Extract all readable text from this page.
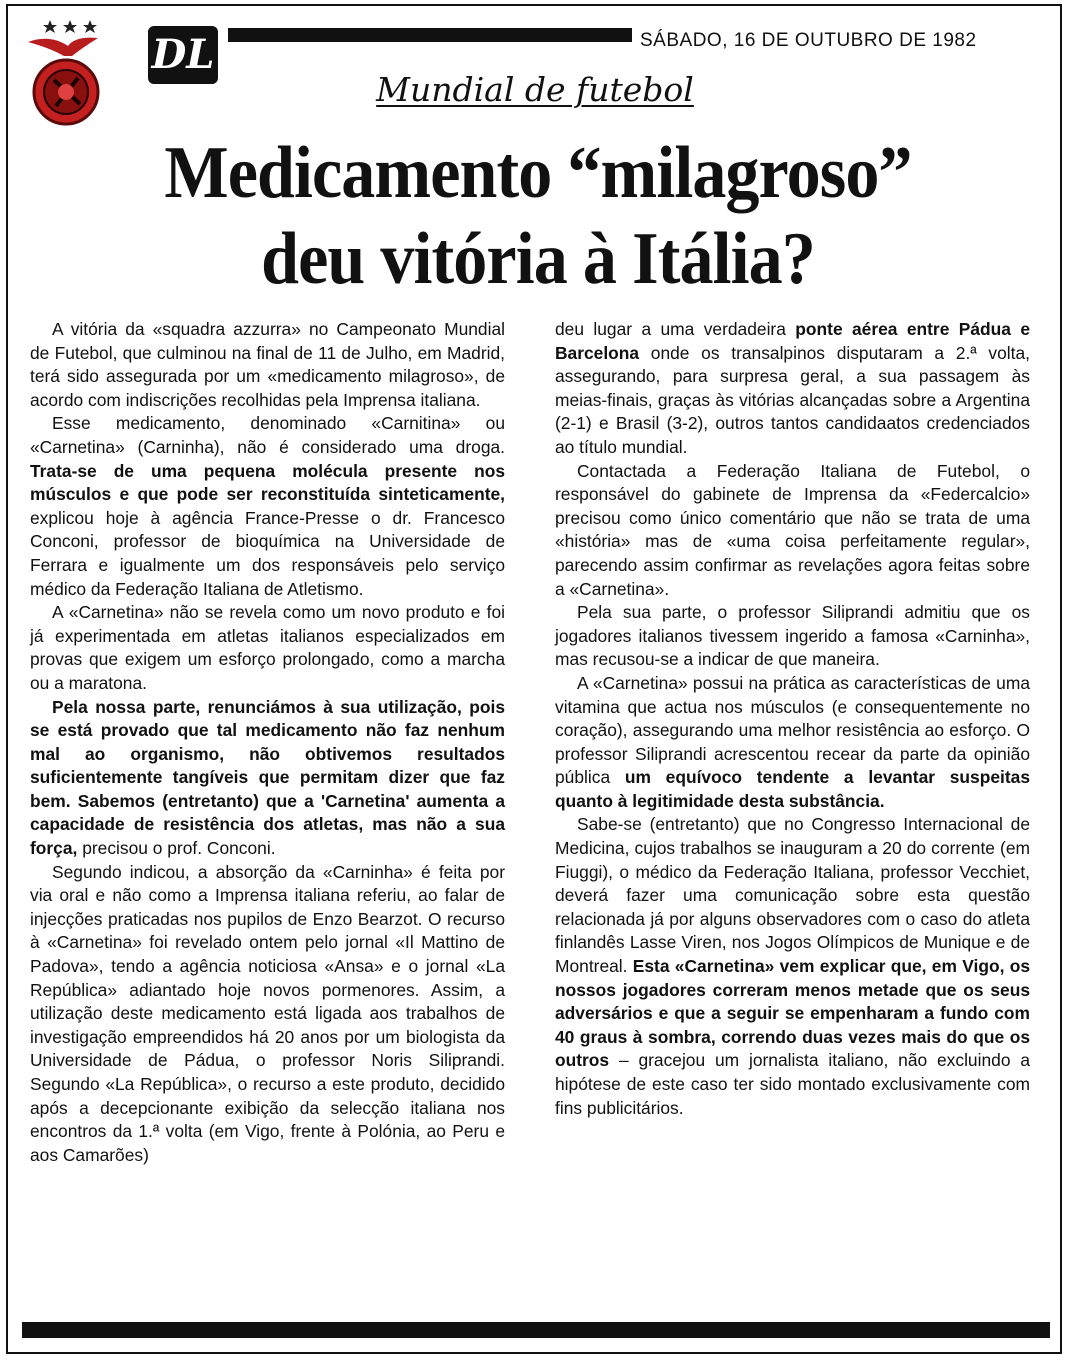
DL	SÁBADO, 16 DE OUTUBRO DE 1982
Mundial de futebol
Medicamento “milagroso”
deu vitória à Itália?

A vitória da «squadra azzurra» no Campeonato Mundial de Futebol, que culminou na final de 11 de Julho, em Madrid, terá sido assegurada por um «medicamento milagroso», de acordo com indiscrições recolhidas pela Imprensa italiana.

Esse medicamento, denominado «Carnitina» ou «Carnetina» (Carninha), não é considerado uma droga. Trata-se de uma pequena molécula presente nos músculos e que pode ser reconstituída sinteticamente, explicou hoje à agência France-Presse o dr. Francesco Conconi, professor de bioquímica na Universidade de Ferrara e igualmente um dos responsáveis pelo serviço médico da Federação Italiana de Atletismo.

A «Carnetina» não se revela como um novo produto e foi já experimentada em atletas italianos especializados em provas que exigem um esforço prolongado, como a marcha ou a maratona.

Pela nossa parte, renunciámos à sua utilização, pois se está provado que tal medicamento não faz nenhum mal ao organismo, não obtivemos resultados suficientemente tangíveis que permitam dizer que faz bem. Sabemos (entretanto) que a 'Carnetina' aumenta a capacidade de resistência dos atletas, mas não a sua força, precisou o prof. Conconi.

Segundo indicou, a absorção da «Carninha» é feita por via oral e não como a Imprensa italiana referiu, ao falar de injecções praticadas nos pupilos de Enzo Bearzot. O recurso à «Carnetina» foi revelado ontem pelo jornal «Il Mattino de Padova», tendo a agência noticiosa «Ansa» e o jornal «La República» adiantado hoje novos pormenores. Assim, a utilização deste medicamento está ligada aos trabalhos de investigação empreendidos há 20 anos por um biologista da Universidade de Pádua, o professor Noris Siliprandi. Segundo «La República», o recurso a este produto, decidido após a decepcionante exibição da selecção italiana nos encontros da 1.ª volta (em Vigo, frente à Polónia, ao Peru e aos Camarões)

deu lugar a uma verdadeira ponte aérea entre Pádua e Barcelona onde os transalpinos disputaram a 2.ª volta, assegurando, para surpresa geral, a sua passagem às meias-finais, graças às vitórias alcançadas sobre a Argentina (2-1) e Brasil (3-2), outros tantos candidaatos credenciados ao título mundial.

Contactada a Federação Italiana de Futebol, o responsável do gabinete de Imprensa da «Federcalcio» precisou como único comentário que não se trata de uma «história» mas de «uma coisa perfeitamente regular», parecendo assim confirmar as revelações agora feitas sobre a «Carnetina».

Pela sua parte, o professor Siliprandi admitiu que os jogadores italianos tivessem ingerido a famosa «Carninha», mas recusou-se a indicar de que maneira.

A «Carnetina» possui na prática as características de uma vitamina que actua nos músculos (e consequentemente no coração), assegurando uma melhor resistência ao esforço. O professor Siliprandi acrescentou recear da parte da opinião pública um equívoco tendente a levantar suspeitas quanto à legitimidade desta substância.

Sabe-se (entretanto) que no Congresso Internacional de Medicina, cujos trabalhos se inauguram a 20 do corrente (em Fiuggi), o médico da Federação Italiana, professor Vecchiet, deverá fazer uma comunicação sobre esta questão relacionada já por alguns observadores com o caso do atleta finlandês Lasse Viren, nos Jogos Olímpicos de Munique e de Montreal. Esta «Carnetina» vem explicar que, em Vigo, os nossos jogadores correram menos metade que os seus adversários e que a seguir se empenharam a fundo com 40 graus à sombra, correndo duas vezes mais do que os outros – gracejou um jornalista italiano, não excluindo a hipótese de este caso ter sido montado exclusivamente com fins publicitários.
